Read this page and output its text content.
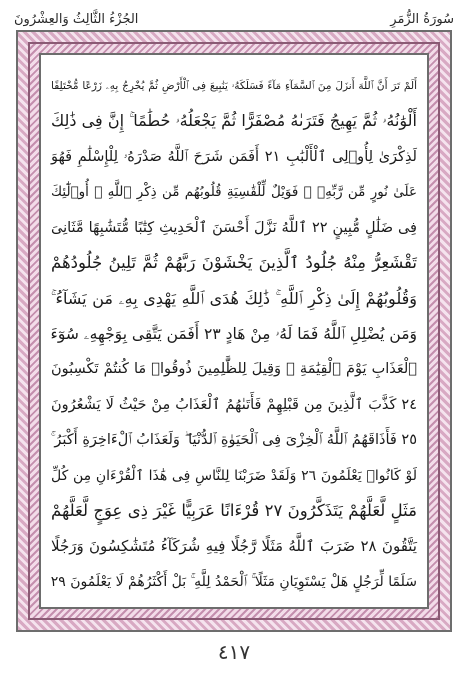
سُورَةُ الزُّمَرِ
الجُزْءُ الثَّالِثُ وَالعِشْرُونَ
أَلَمْ تَرَ أَنَّ ٱللَّهَ أَنزَلَ مِنَ ٱلسَّمَآءِ مَآءً فَسَلَكَهُۥ يَنَٰبِيعَ فِى ٱلْأَرْضِ ثُمَّ يُخْرِجُ بِهِۦ زَرْعًا مُّخْتَلِفًا
أَلْوَٰنُهُۥ ثُمَّ يَهِيجُ فَتَرَىٰهُ مُصْفَرًّا ثُمَّ يَجْعَلُهُۥ حُطَٰمًا ۚ إِنَّ فِى ذَٰلِكَ
لَذِكْرَىٰ لِأُو۟لِى ٱلْأَلْبَٰبِ ٢١ أَفَمَن شَرَحَ ٱللَّهُ صَدْرَهُۥ لِلْإِسْلَٰمِ فَهُوَ
عَلَىٰ نُورٍ مِّن رَّبِّهِۦ ۚ فَوَيْلٌ لِّلْقَٰسِيَةِ قُلُوبُهُم مِّن ذِكْرِ ٱللَّهِ ۚ أُو۟لَٰٓئِكَ
فِى ضَلَٰلٍ مُّبِينٍ ٢٢ ٱللَّهُ نَزَّلَ أَحْسَنَ ٱلْحَدِيثِ كِتَٰبًا مُّتَشَٰبِهًا مَّثَانِىَ
تَقْشَعِرُّ مِنْهُ جُلُودُ ٱلَّذِينَ يَخْشَوْنَ رَبَّهُمْ ثُمَّ تَلِينُ جُلُودُهُمْ
وَقُلُوبُهُمْ إِلَىٰ ذِكْرِ ٱللَّهِ ۚ ذَٰلِكَ هُدَى ٱللَّهِ يَهْدِى بِهِۦ مَن يَشَآءُ ۚ
وَمَن يُضْلِلِ ٱللَّهُ فَمَا لَهُۥ مِنْ هَادٍ ٢٣ أَفَمَن يَتَّقِى بِوَجْهِهِۦ سُوٓءَ
ٱلْعَذَابِ يَوْمَ ٱلْقِيَٰمَةِ ۚ وَقِيلَ لِلظَّٰلِمِينَ ذُوقُوا۟ مَا كُنتُمْ تَكْسِبُونَ
٢٤ كَذَّبَ ٱلَّذِينَ مِن قَبْلِهِمْ فَأَتَىٰهُمُ ٱلْعَذَابُ مِنْ حَيْثُ لَا يَشْعُرُونَ
٢٥ فَأَذَاقَهُمُ ٱللَّهُ ٱلْخِزْىَ فِى ٱلْحَيَوٰةِ ٱلدُّنْيَا ۖ وَلَعَذَابُ ٱلْءَاخِرَةِ أَكْبَرُ ۚ
لَوْ كَانُوا۟ يَعْلَمُونَ ٢٦ وَلَقَدْ ضَرَبْنَا لِلنَّاسِ فِى هَٰذَا ٱلْقُرْءَانِ مِن كُلِّ
مَثَلٍ لَّعَلَّهُمْ يَتَذَكَّرُونَ ٢٧ قُرْءَانًا عَرَبِيًّا غَيْرَ ذِى عِوَجٍ لَّعَلَّهُمْ
يَتَّقُونَ ٢٨ ضَرَبَ ٱللَّهُ مَثَلًا رَّجُلًا فِيهِ شُرَكَآءُ مُتَشَٰكِسُونَ وَرَجُلًا
سَلَمًا لِّرَجُلٍ هَلْ يَسْتَوِيَانِ مَثَلًا ۚ ٱلْحَمْدُ لِلَّهِ ۚ بَلْ أَكْثَرُهُمْ لَا يَعْلَمُونَ ٢٩
٤١٧
